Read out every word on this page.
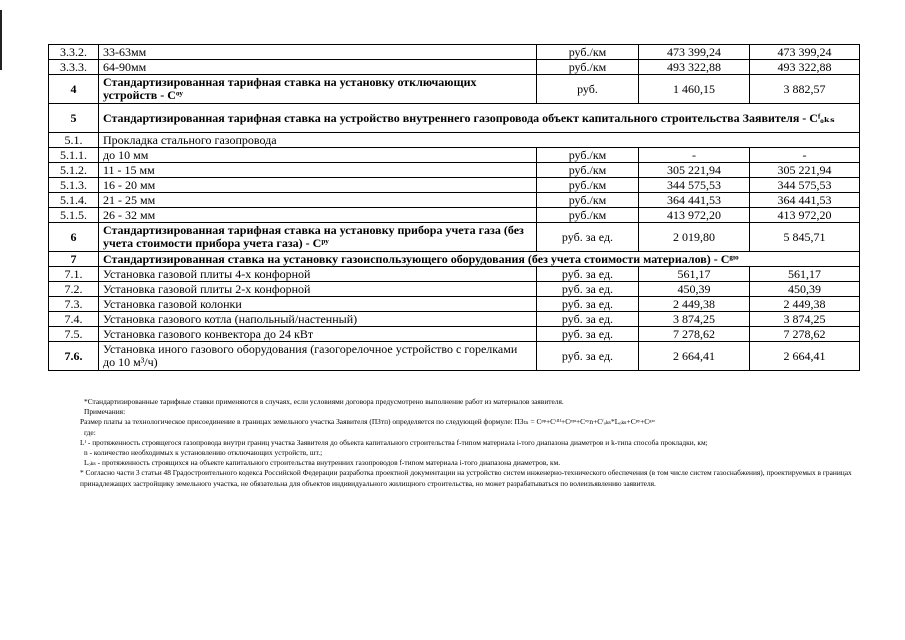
3.3.2.	33-63мм	руб./км	473 399,24	473 399,24
3.3.3.	64-90мм	руб./км	493 322,88	493 322,88
4	Стандартизированная тарифная ставка на установку отключающих устройств - Сᵒʸ	руб.	1 460,15	3 882,57
5	Стандартизированная тарифная ставка на устройство внутреннего газопровода объект капитального строительства Заявителя - Сᶠₒₖₛ			
5.1.	Прокладка стального газопровода			
5.1.1.	до 10 мм	руб./км	-	-
5.1.2.	11 - 15 мм	руб./км	305 221,94	305 221,94
5.1.3.	16 - 20 мм	руб./км	344 575,53	344 575,53
5.1.4.	21 - 25 мм	руб./км	364 441,53	364 441,53
5.1.5.	26 - 32 мм	руб./км	413 972,20	413 972,20
6	Стандартизированная тарифная ставка на установку прибора учета газа (без учета стоимости прибора учета газа) - Сᵖʸ	руб. за ед.	2 019,80	5 845,71
7	Стандартизированная ставка на установку газоиспользующего оборудования (без учета стоимости материалов) - Сᵍᶦᵒ			
7.1.	Установка газовой плиты 4-х конфорной	руб. за ед.	561,17	561,17
7.2.	Установка газовой плиты 2-х конфорной	руб. за ед.	450,39	450,39
7.3.	Установка газовой колонки	руб. за ед.	2 449,38	2 449,38
7.4.	Установка газового котла (напольный/настенный)	руб. за ед.	3 874,25	3 874,25
7.5.	Установка газового конвектора до 24 кВт	руб. за ед.	7 278,62	7 278,62
7.6.	Установка иного газового оборудования (газогорелочное устройство с горелками до 10 м³/ч)	руб. за ед.	2 664,41	2 664,41

*Стандартизированные тарифные ставки применяются в случаях, если условиями договора предусмотрено выполнение работ из материалов заявителя.

Примечания:

Размер платы за технологическое присоединение в границах земельного участка Заявителя (ПЗтп) определяется по следующей формуле: ПЗₜₙ = Сᵖᵖ+Сᵗᶠᴵᶠ+Сᵖᵖᶦ+Сᵒʸn+Сᶠₒₖₛ*Lₒₖₛ+Сᵖʸ+Сᵍᶦᵒ

где:

Lᶠ - протяженность строящегося газопровода внутри границ участка Заявителя до объекта капитального строительства f-типом материала i-того диапазона диаметров и k-типа способа прокладки, км;

n - количество необходимых к установлению отключающих устройств, шт.;

Lₒₖₛ - протяженность строящихся на объекте капитального строительства внутренних газопроводов f-типом материала i-того диапазона диаметров, км.

* Согласно части 3 статьи 48 Градостроительного кодекса Российской Федерации разработка проектной документации на устройство систем инженерно-технического обеспечения (в том числе систем газоснабжения), проектируемых в границах принадлежащих застройщику земельного участка, не обязательна для объектов индивидуального жилищного строительства, но может разрабатываться по волеизъявлению заявителя.
